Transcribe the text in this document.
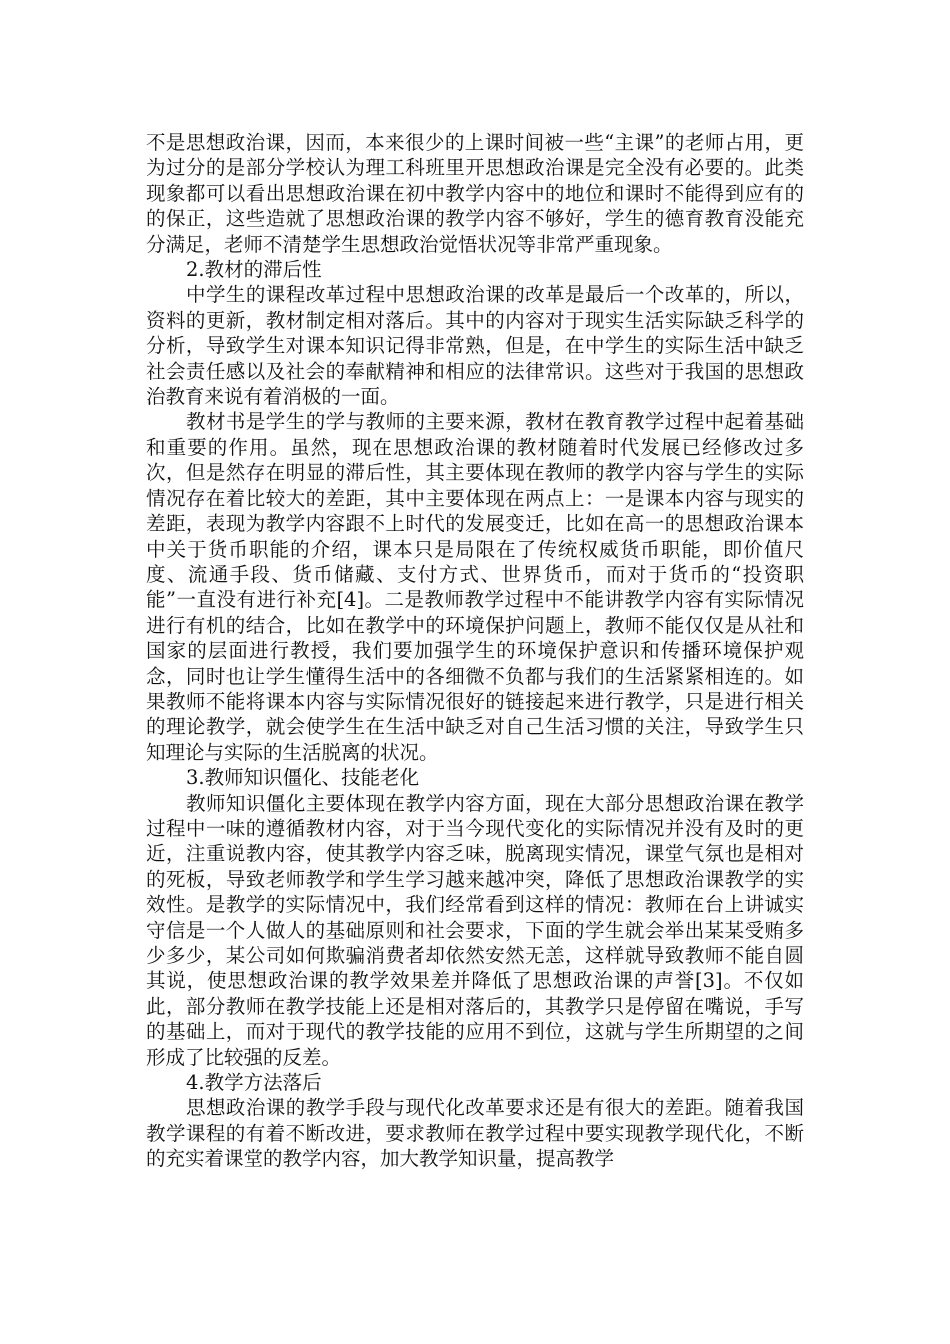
不是思想政治课，因而，本来很少的上课时间被一些“主课”的老师占用，更为过分的是部分学校认为理工科班里开思想政治课是完全没有必要的。此类现象都可以看出思想政治课在初中教学内容中的地位和课时不能得到应有的的保正，这些造就了思想政治课的教学内容不够好，学生的德育教育没能充分满足，老师不清楚学生思想政治觉悟状况等非常严重现象。

2.教材的滞后性

中学生的课程改革过程中思想政治课的改革是最后一个改革的，所以，资料的更新，教材制定相对落后。其中的内容对于现实生活实际缺乏科学的分析，导致学生对课本知识记得非常熟，但是，在中学生的实际生活中缺乏社会责任感以及社会的奉献精神和相应的法律常识。这些对于我国的思想政治教育来说有着消极的一面。

教材书是学生的学与教师的主要来源，教材在教育教学过程中起着基础和重要的作用。虽然，现在思想政治课的教材随着时代发展已经修改过多次，但是然存在明显的滞后性，其主要体现在教师的教学内容与学生的实际情况存在着比较大的差距，其中主要体现在两点上：一是课本内容与现实的差距，表现为教学内容跟不上时代的发展变迁，比如在高一的思想政治课本中关于货币职能的介绍，课本只是局限在了传统权威货币职能，即价值尺度、流通手段、货币储藏、支付方式、世界货币，而对于货币的“投资职能”一直没有进行补充[4]。二是教师教学过程中不能讲教学内容有实际情况进行有机的结合，比如在教学中的环境保护问题上，教师不能仅仅是从社和国家的层面进行教授，我们要加强学生的环境保护意识和传播环境保护观念，同时也让学生懂得生活中的各细微不负都与我们的生活紧紧相连的。如果教师不能将课本内容与实际情况很好的链接起来进行教学，只是进行相关的理论教学，就会使学生在生活中缺乏对自己生活习惯的关注，导致学生只知理论与实际的生活脱离的状况。

3.教师知识僵化、技能老化

教师知识僵化主要体现在教学内容方面，现在大部分思想政治课在教学过程中一味的遵循教材内容，对于当今现代变化的实际情况并没有及时的更近，注重说教内容，使其教学内容乏味，脱离现实情况，课堂气氛也是相对的死板，导致老师教学和学生学习越来越冲突，降低了思想政治课教学的实效性。是教学的实际情况中，我们经常看到这样的情况：教师在台上讲诚实守信是一个人做人的基础原则和社会要求，下面的学生就会举出某某受贿多少多少，某公司如何欺骗消费者却依然安然无恙，这样就导致教师不能自圆其说，使思想政治课的教学效果差并降低了思想政治课的声誉[3]。不仅如此，部分教师在教学技能上还是相对落后的，其教学只是停留在嘴说，手写的基础上，而对于现代的教学技能的应用不到位，这就与学生所期望的之间形成了比较强的反差。

4.教学方法落后

思想政治课的教学手段与现代化改革要求还是有很大的差距。随着我国教学课程的有着不断改进，要求教师在教学过程中要实现教学现代化，不断的充实着课堂的教学内容，加大教学知识量，提高教学
